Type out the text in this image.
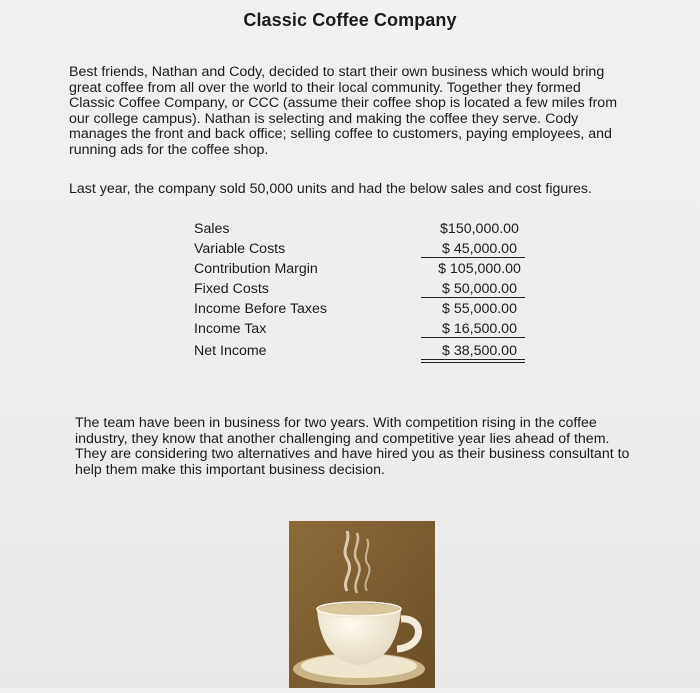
Classic Coffee Company

Best friends, Nathan and Cody, decided to start their own business which would bring
great coffee from all over the world to their local community. Together they formed
Classic Coffee Company, or CCC (assume their coffee shop is located a few miles from
our college campus). Nathan is selecting and making the coffee they serve. Cody
manages the front and back office; selling coffee to customers, paying employees, and
running ads for the coffee shop.

Last year, the company sold 50,000 units and had the below sales and cost figures.

Sales	$150,000.00
Variable Costs	$ 45,000.00
Contribution Margin	$ 105,000.00
Fixed Costs	$ 50,000.00
Income Before Taxes	$ 55,000.00
Income Tax	$ 16,500.00
Net Income	$ 38,500.00

The team have been in business for two years. With competition rising in the coffee
industry, they know that another challenging and competitive year lies ahead of them.
They are considering two alternatives and have hired you as their business consultant to
help them make this important business decision.
